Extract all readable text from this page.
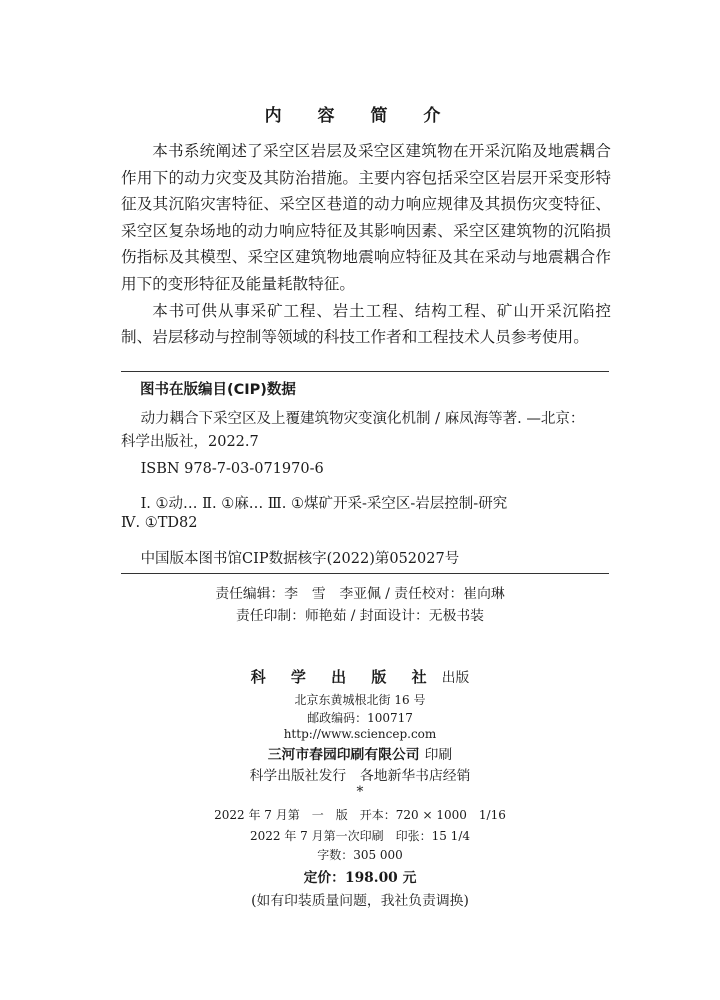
内 容 简 介

本书系统阐述了采空区岩层及采空区建筑物在开采沉陷及地震耦合作用下的动力灾变及其防治措施。主要内容包括采空区岩层开采变形特征及其沉陷灾害特征、采空区巷道的动力响应规律及其损伤灾变特征、采空区复杂场地的动力响应特征及其影响因素、采空区建筑物的沉陷损伤指标及其模型、采空区建筑物地震响应特征及其在采动与地震耦合作用下的变形特征及能量耗散特征。

本书可供从事采矿工程、岩土工程、结构工程、矿山开采沉陷控制、岩层移动与控制等领域的科技工作者和工程技术人员参考使用。

图书在版编目(CIP)数据
动力耦合下采空区及上覆建筑物灾变演化机制 / 麻凤海等著. —北京：
科学出版社，2022.7
ISBN 978-7-03-071970-6
Ⅰ. ①动… Ⅱ. ①麻… Ⅲ. ①煤矿开采-采空区-岩层控制-研究
Ⅳ. ①TD82
中国版本图书馆CIP数据核字(2022)第052027号
责任编辑：李　雪　李亚佩 / 责任校对：崔向琳
责任印制：师艳茹 / 封面设计：无极书装
科 学 出 版 社 出版
北京东黄城根北街 16 号
邮政编码：100717
http://www.sciencep.com
三河市春园印刷有限公司 印刷
科学出版社发行　各地新华书店经销
*
2022 年 7 月第　一　版　开本：720 × 1000　1/16
2022 年 7 月第一次印刷　印张：15 1/4
字数：305 000
定价：198.00 元
(如有印装质量问题，我社负责调换)
